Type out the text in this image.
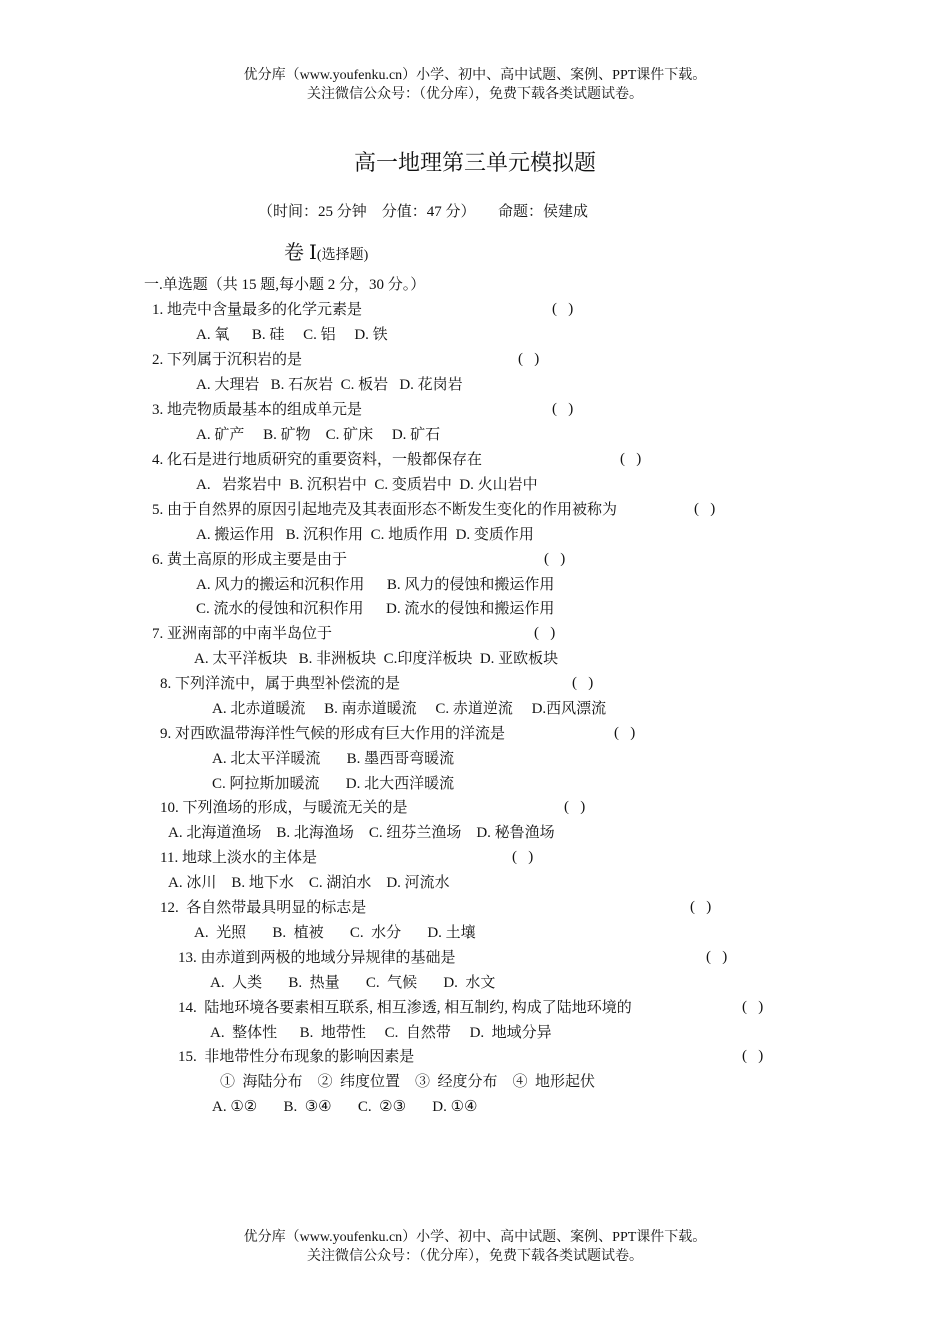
优分库（www.youfenku.cn）小学、初中、高中试题、案例、PPT课件下载。
关注微信公众号：（优分库），免费下载各类试题试卷。
高一地理第三单元模拟题
（时间：25 分钟    分值：47 分）      命题：侯建成
卷 Ⅰ(选择题)
一.单选题（共 15 题,每小题 2 分，30 分。）
1. 地壳中含量最多的化学元素是	(   )
A. 氧      B. 硅     C. 铝     D. 铁
2. 下列属于沉积岩的是	(   )
A. 大理岩   B. 石灰岩  C. 板岩   D. 花岗岩
3. 地壳物质最基本的组成单元是	(   )
A. 矿产     B. 矿物    C. 矿床     D. 矿石
4. 化石是进行地质研究的重要资料，一般都保存在	(   )
A.   岩浆岩中  B. 沉积岩中  C. 变质岩中  D. 火山岩中
5. 由于自然界的原因引起地壳及其表面形态不断发生变化的作用被称为	(   )
A. 搬运作用   B. 沉积作用  C. 地质作用  D. 变质作用
6. 黄土高原的形成主要是由于	(   )
A. 风力的搬运和沉积作用      B. 风力的侵蚀和搬运作用
C. 流水的侵蚀和沉积作用      D. 流水的侵蚀和搬运作用
7. 亚洲南部的中南半岛位于	(   )
A. 太平洋板块   B. 非洲板块  C.印度洋板块  D. 亚欧板块
8. 下列洋流中，属于典型补偿流的是	(   )
A. 北赤道暖流     B. 南赤道暖流     C. 赤道逆流     D.西风漂流
9. 对西欧温带海洋性气候的形成有巨大作用的洋流是	(   )
A. 北太平洋暖流       B. 墨西哥弯暖流
C. 阿拉斯加暖流       D. 北大西洋暖流
10. 下列渔场的形成，与暖流无关的是	(   )
A. 北海道渔场    B. 北海渔场    C. 纽芬兰渔场    D. 秘鲁渔场
11. 地球上淡水的主体是	(   )
A. 冰川    B. 地下水    C. 湖泊水    D. 河流水
12.  各自然带最具明显的标志是	(   )
A.  光照       B.  植被       C.  水分       D. 土壤
13. 由赤道到两极的地域分异规律的基础是	(   )
A.  人类       B.  热量       C.  气候       D.  水文
14.  陆地环境各要素相互联系, 相互渗透, 相互制约, 构成了陆地环境的	(   )
A.  整体性      B.  地带性     C.  自然带     D.  地域分异
15.  非地带性分布现象的影响因素是	(   )
①  海陆分布    ②  纬度位置    ③  经度分布    ④  地形起伏
A. ①②       B.  ③④       C.  ②③       D. ①④
优分库（www.youfenku.cn）小学、初中、高中试题、案例、PPT课件下载。
关注微信公众号：（优分库），免费下载各类试题试卷。
